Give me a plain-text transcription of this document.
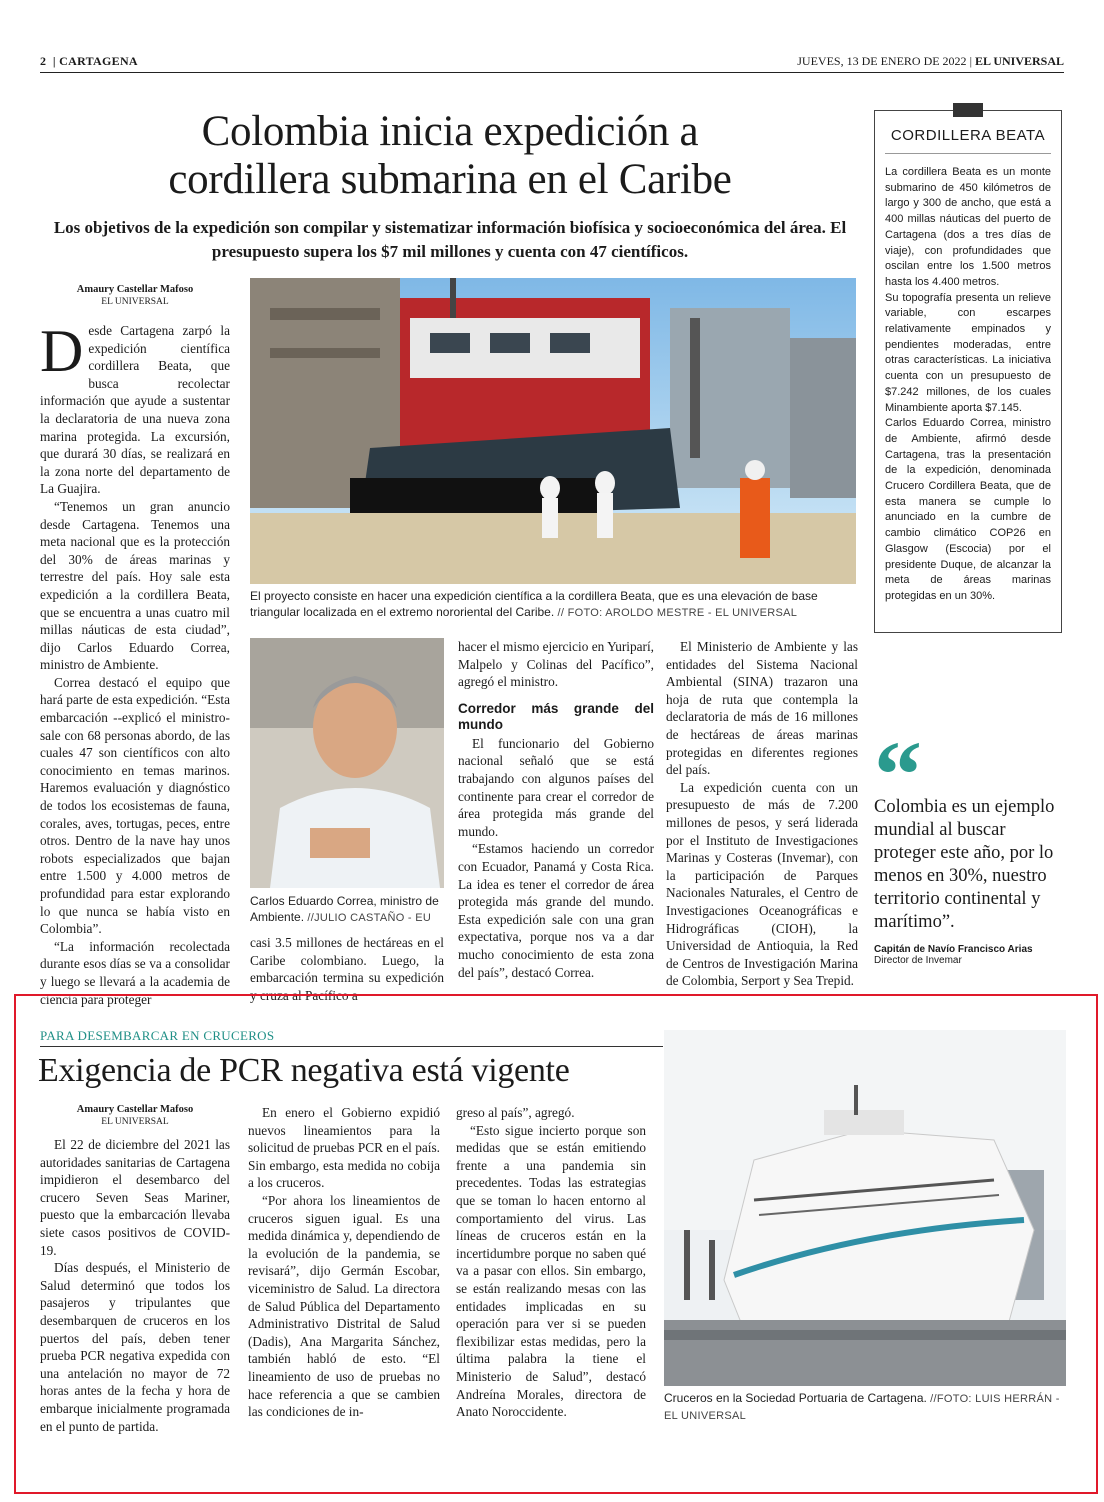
2  | CARTAGENA	JUEVES, 13 DE ENERO DE 2022 | EL UNIVERSAL
Colombia inicia expedición a
cordillera submarina en el Caribe

Los objetivos de la expedición son compilar y sistematizar información biofísica y socioeconómica del área. El presupuesto supera los $7 mil millones y cuenta con 47 científicos.

Amaury Castellar Mafoso
EL UNIVERSAL
D esde Cartagena zarpó la expedición científica cordillera Beata, que busca recolectar información que ayude a sustentar la declaratoria de una nueva zona marina protegida. La excursión, que durará 30 días, se realizará en la zona norte del departamento de La Guajira.

“Tenemos un gran anuncio desde Cartagena. Tenemos una meta nacional que es la protección del 30% de áreas marinas y terrestre del país. Hoy sale esta expedición a la cordillera Beata, que se encuentra a unas cuatro mil millas náuticas de esta ciudad”, dijo Carlos Eduardo Correa, ministro de Ambiente.

Correa destacó el equipo que hará parte de esta expedición. “Esta embarcación --explicó el ministro- sale con 68 personas abordo, de las cuales 47 son científicos con alto conocimiento en temas marinos. Haremos evaluación y diagnóstico de todos los ecosistemas de fauna, corales, aves, tortugas, peces, entre otros. Dentro de la nave hay unos robots especializados que bajan entre 1.500 y 4.000 metros de profundidad para estar explorando lo que nunca se había visto en Colombia”.

“La información recolectada durante esos días se va a consolidar y luego se llevará a la academia de ciencia para proteger

El proyecto consiste en hacer una expedición científica a la cordillera Beata, que es una elevación de base triangular localizada en el extremo nororiental del Caribe. // FOTO: AROLDO MESTRE - EL UNIVERSAL
Carlos Eduardo Correa, ministro de Ambiente. //JULIO CASTAÑO - EU

casi 3.5 millones de hectáreas en el Caribe colombiano. Luego, la embarcación termina su expedición y cruza al Pacífico a

hacer el mismo ejercicio en Yuriparí, Malpelo y Colinas del Pacífico”, agregó el ministro.

Corredor más grande del mundo

El funcionario del Gobierno nacional señaló que se está trabajando con algunos países del continente para crear el corredor de área protegida más grande del mundo.

“Estamos haciendo un corredor con Ecuador, Panamá y Costa Rica. La idea es tener el corredor de área protegida más grande del mundo. Esta expedición sale con una gran expectativa, porque nos va a dar mucho conocimiento de esta zona del país”, destacó Correa.

El Ministerio de Ambiente y las entidades del Sistema Nacional Ambiental (SINA) trazaron una hoja de ruta que contempla la declaratoria de más de 16 millones de hectáreas de áreas marinas protegidas en diferentes regiones del país.

La expedición cuenta con un presupuesto de más de 7.200 millones de pesos, y será liderada por el Instituto de Investigaciones Marinas y Costeras (Invemar), con la participación de Parques Nacionales Naturales, el Centro de Investigaciones Oceanográficas e Hidrográficas (CIOH), la Universidad de Antioquia, la Red de Centros de Investigación Marina de Colombia, Serport y Sea Trepid.

CORDILLERA BEATA

La cordillera Beata es un monte submarino de 450 kilómetros de largo y 300 de ancho, que está a 400 millas náuticas del puerto de Cartagena (dos a tres días de viaje), con profundidades que oscilan entre los 1.500 metros hasta los 4.400 metros.

Su topografía presenta un relieve variable, con escarpes relativamente empinados y pendientes moderadas, entre otras características. La iniciativa cuenta con un presupuesto de $7.242 millones, de los cuales Minambiente aporta $7.145.

Carlos Eduardo Correa, ministro de Ambiente, afirmó desde Cartagena, tras la presentación de la expedición, denominada Crucero Cordillera Beata, que de esta manera se cumple lo anunciado en la cumbre de cambio climático COP26 en Glasgow (Escocia) por el presidente Duque, de alcanzar la meta de áreas marinas protegidas en un 30%.

“
Colombia es un ejemplo mundial al buscar proteger este año, por lo menos en 30%, nuestro territorio continental y marítimo”.
Capitán de Navío Francisco Arias
Director de Invemar
PARA DESEMBARCAR EN CRUCEROS
Exigencia de PCR negativa está vigente
Amaury Castellar Mafoso
EL UNIVERSAL

El 22 de diciembre del 2021 las autoridades sanitarias de Cartagena impidieron el desembarco del crucero Seven Seas Mariner, puesto que la embarcación llevaba siete casos positivos de COVID-19.

Días después, el Ministerio de Salud determinó que todos los pasajeros y tripulantes que desembarquen de cruceros en los puertos del país, deben tener prueba PCR negativa expedida con una antelación no mayor de 72 horas antes de la fecha y hora de embarque inicialmente programada en el punto de partida.

En enero el Gobierno expidió nuevos lineamientos para la solicitud de pruebas PCR en el país. Sin embargo, esta medida no cobija a los cruceros.

“Por ahora los lineamientos de cruceros siguen igual. Es una medida dinámica y, dependiendo de la evolución de la pandemia, se revisará”, dijo Germán Escobar, viceministro de Salud. La directora de Salud Pública del Departamento Administrativo Distrital de Salud (Dadis), Ana Margarita Sánchez, también habló de esto. “El lineamiento de uso de pruebas no hace referencia a que se cambien las condiciones de in-

greso al país”, agregó.

“Esto sigue incierto porque son medidas que se están emitiendo frente a una pandemia sin precedentes. Todas las estrategias que se toman lo hacen entorno al comportamiento del virus. Las líneas de cruceros están en la incertidumbre porque no saben qué va a pasar con ellos. Sin embargo, se están realizando mesas con las entidades implicadas en su operación para ver si se pueden flexibilizar estas medidas, pero la última palabra la tiene el Ministerio de Salud”, destacó Andreína Morales, directora de Anato Noroccidente.

Cruceros en la Sociedad Portuaria de Cartagena. //FOTO: LUIS HERRÁN - EL UNIVERSAL
